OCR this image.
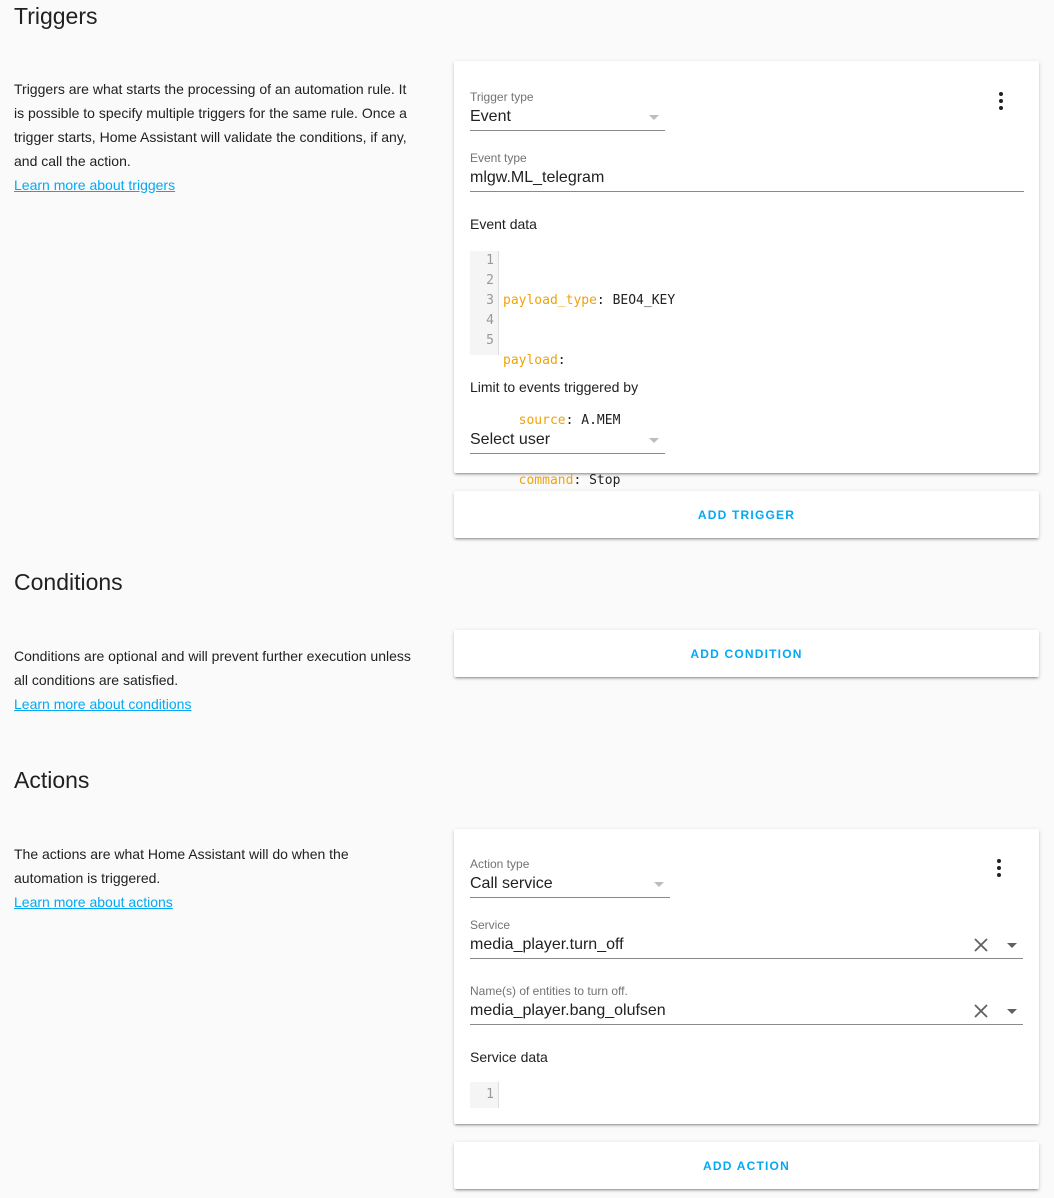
Triggers

Triggers are what starts the processing of an automation rule. It is possible to specify multiple triggers for the same rule. Once a trigger starts, Home Assistant will validate the conditions, if any, and call the action.

Learn more about triggers
Trigger type
Event
Event type
mlgw.ML_telegram
Event data
1
2
3
4
5

payload_type: BEO4_KEY

payload:

source: A.MEM

command: Stop

Limit to events triggered by
Select user
ADD TRIGGER
Conditions

Conditions are optional and will prevent further execution unless all conditions are satisfied.

Learn more about conditions
ADD CONDITION
Actions

The actions are what Home Assistant will do when the automation is triggered.

Learn more about actions
Action type
Call service
Service
media_player.turn_off
Name(s) of entities to turn off.
media_player.bang_olufsen
Service data
1
ADD ACTION
